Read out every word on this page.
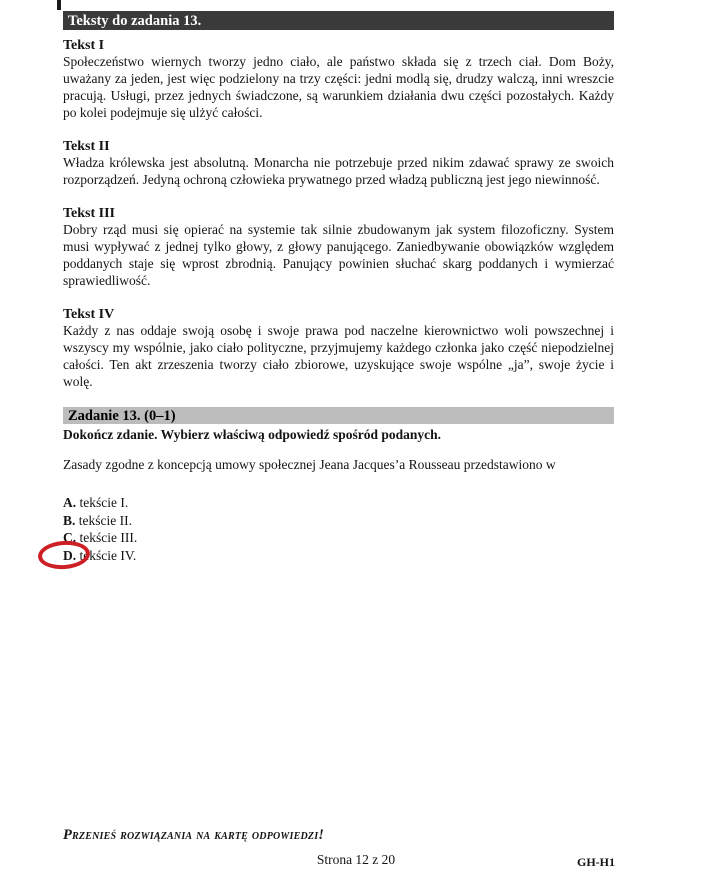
Teksty do zadania 13.
Tekst I

Społeczeństwo wiernych tworzy jedno ciało, ale państwo składa się z trzech ciał. Dom Boży, uważany za jeden, jest więc podzielony na trzy części: jedni modlą się, drudzy walczą, inni wreszcie pracują. Usługi, przez jednych świadczone, są warunkiem działania dwu części pozostałych. Każdy po kolei podejmuje się ulżyć całości.

Tekst II

Władza królewska jest absolutną. Monarcha nie potrzebuje przed nikim zdawać sprawy ze swoich rozporządzeń. Jedyną ochroną człowieka prywatnego przed władzą publiczną jest jego niewinność.

Tekst III

Dobry rząd musi się opierać na systemie tak silnie zbudowanym jak system filozoficzny. System musi wypływać z jednej tylko głowy, z głowy panującego. Zaniedbywanie obowiązków względem poddanych staje się wprost zbrodnią. Panujący powinien słuchać skarg poddanych i wymierzać sprawiedliwość.

Tekst IV

Każdy z nas oddaje swoją osobę i swoje prawa pod naczelne kierownictwo woli powszechnej i wszyscy my wspólnie, jako ciało polityczne, przyjmujemy każdego członka jako część niepodzielnej całości. Ten akt zrzeszenia tworzy ciało zbiorowe, uzyskujące swoje wspólne „ja”, swoje życie i wolę.

Zadanie 13. (0–1)

Dokończ zdanie. Wybierz właściwą odpowiedź spośród podanych.

Zasady zgodne z koncepcją umowy społecznej Jeana Jacques’a Rousseau przedstawiono w

A. tekście I.
B. tekście II.
C. tekście III.
D. tekście IV.
Przenieś rozwiązania na kartę odpowiedzi!
Strona 12 z 20	GH-H1
